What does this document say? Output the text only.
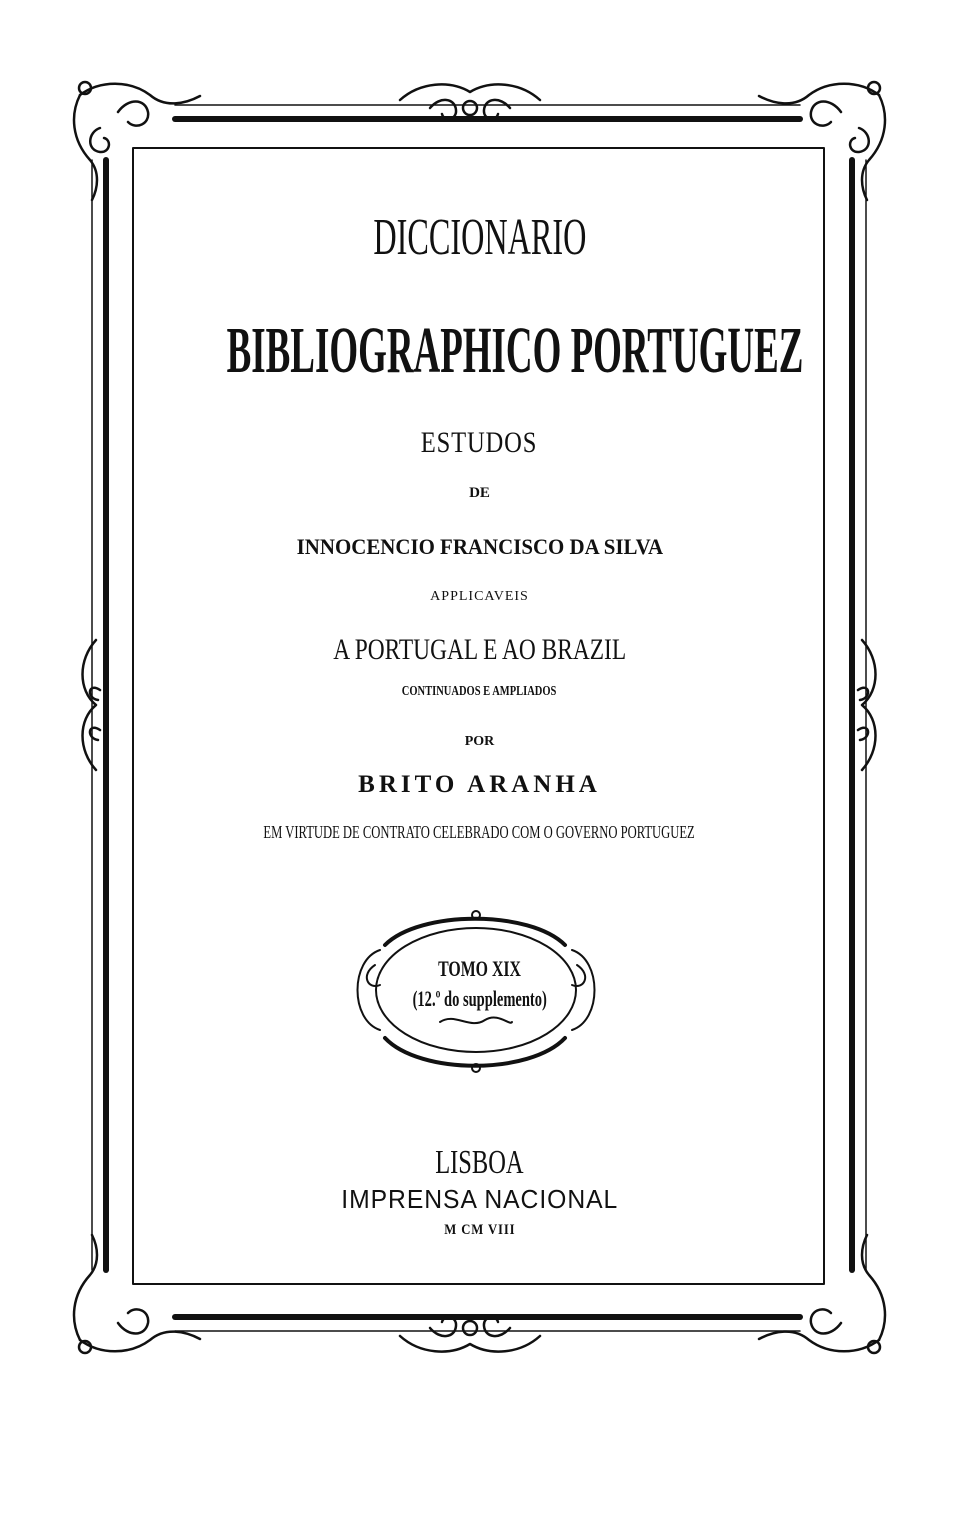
DICCIONARIO
BIBLIOGRAPHICO PORTUGUEZ
ESTUDOS
DE
INNOCENCIO FRANCISCO DA SILVA
APPLICAVEIS
A PORTUGAL E AO BRAZIL
CONTINUADOS E AMPLIADOS
POR
BRITO ARANHA
EM VIRTUDE DE CONTRATO CELEBRADO COM O GOVERNO PORTUGUEZ
TOMO XIX
(12.º do supplemento)
LISBOA
IMPRENSA NACIONAL
M CM VIII
